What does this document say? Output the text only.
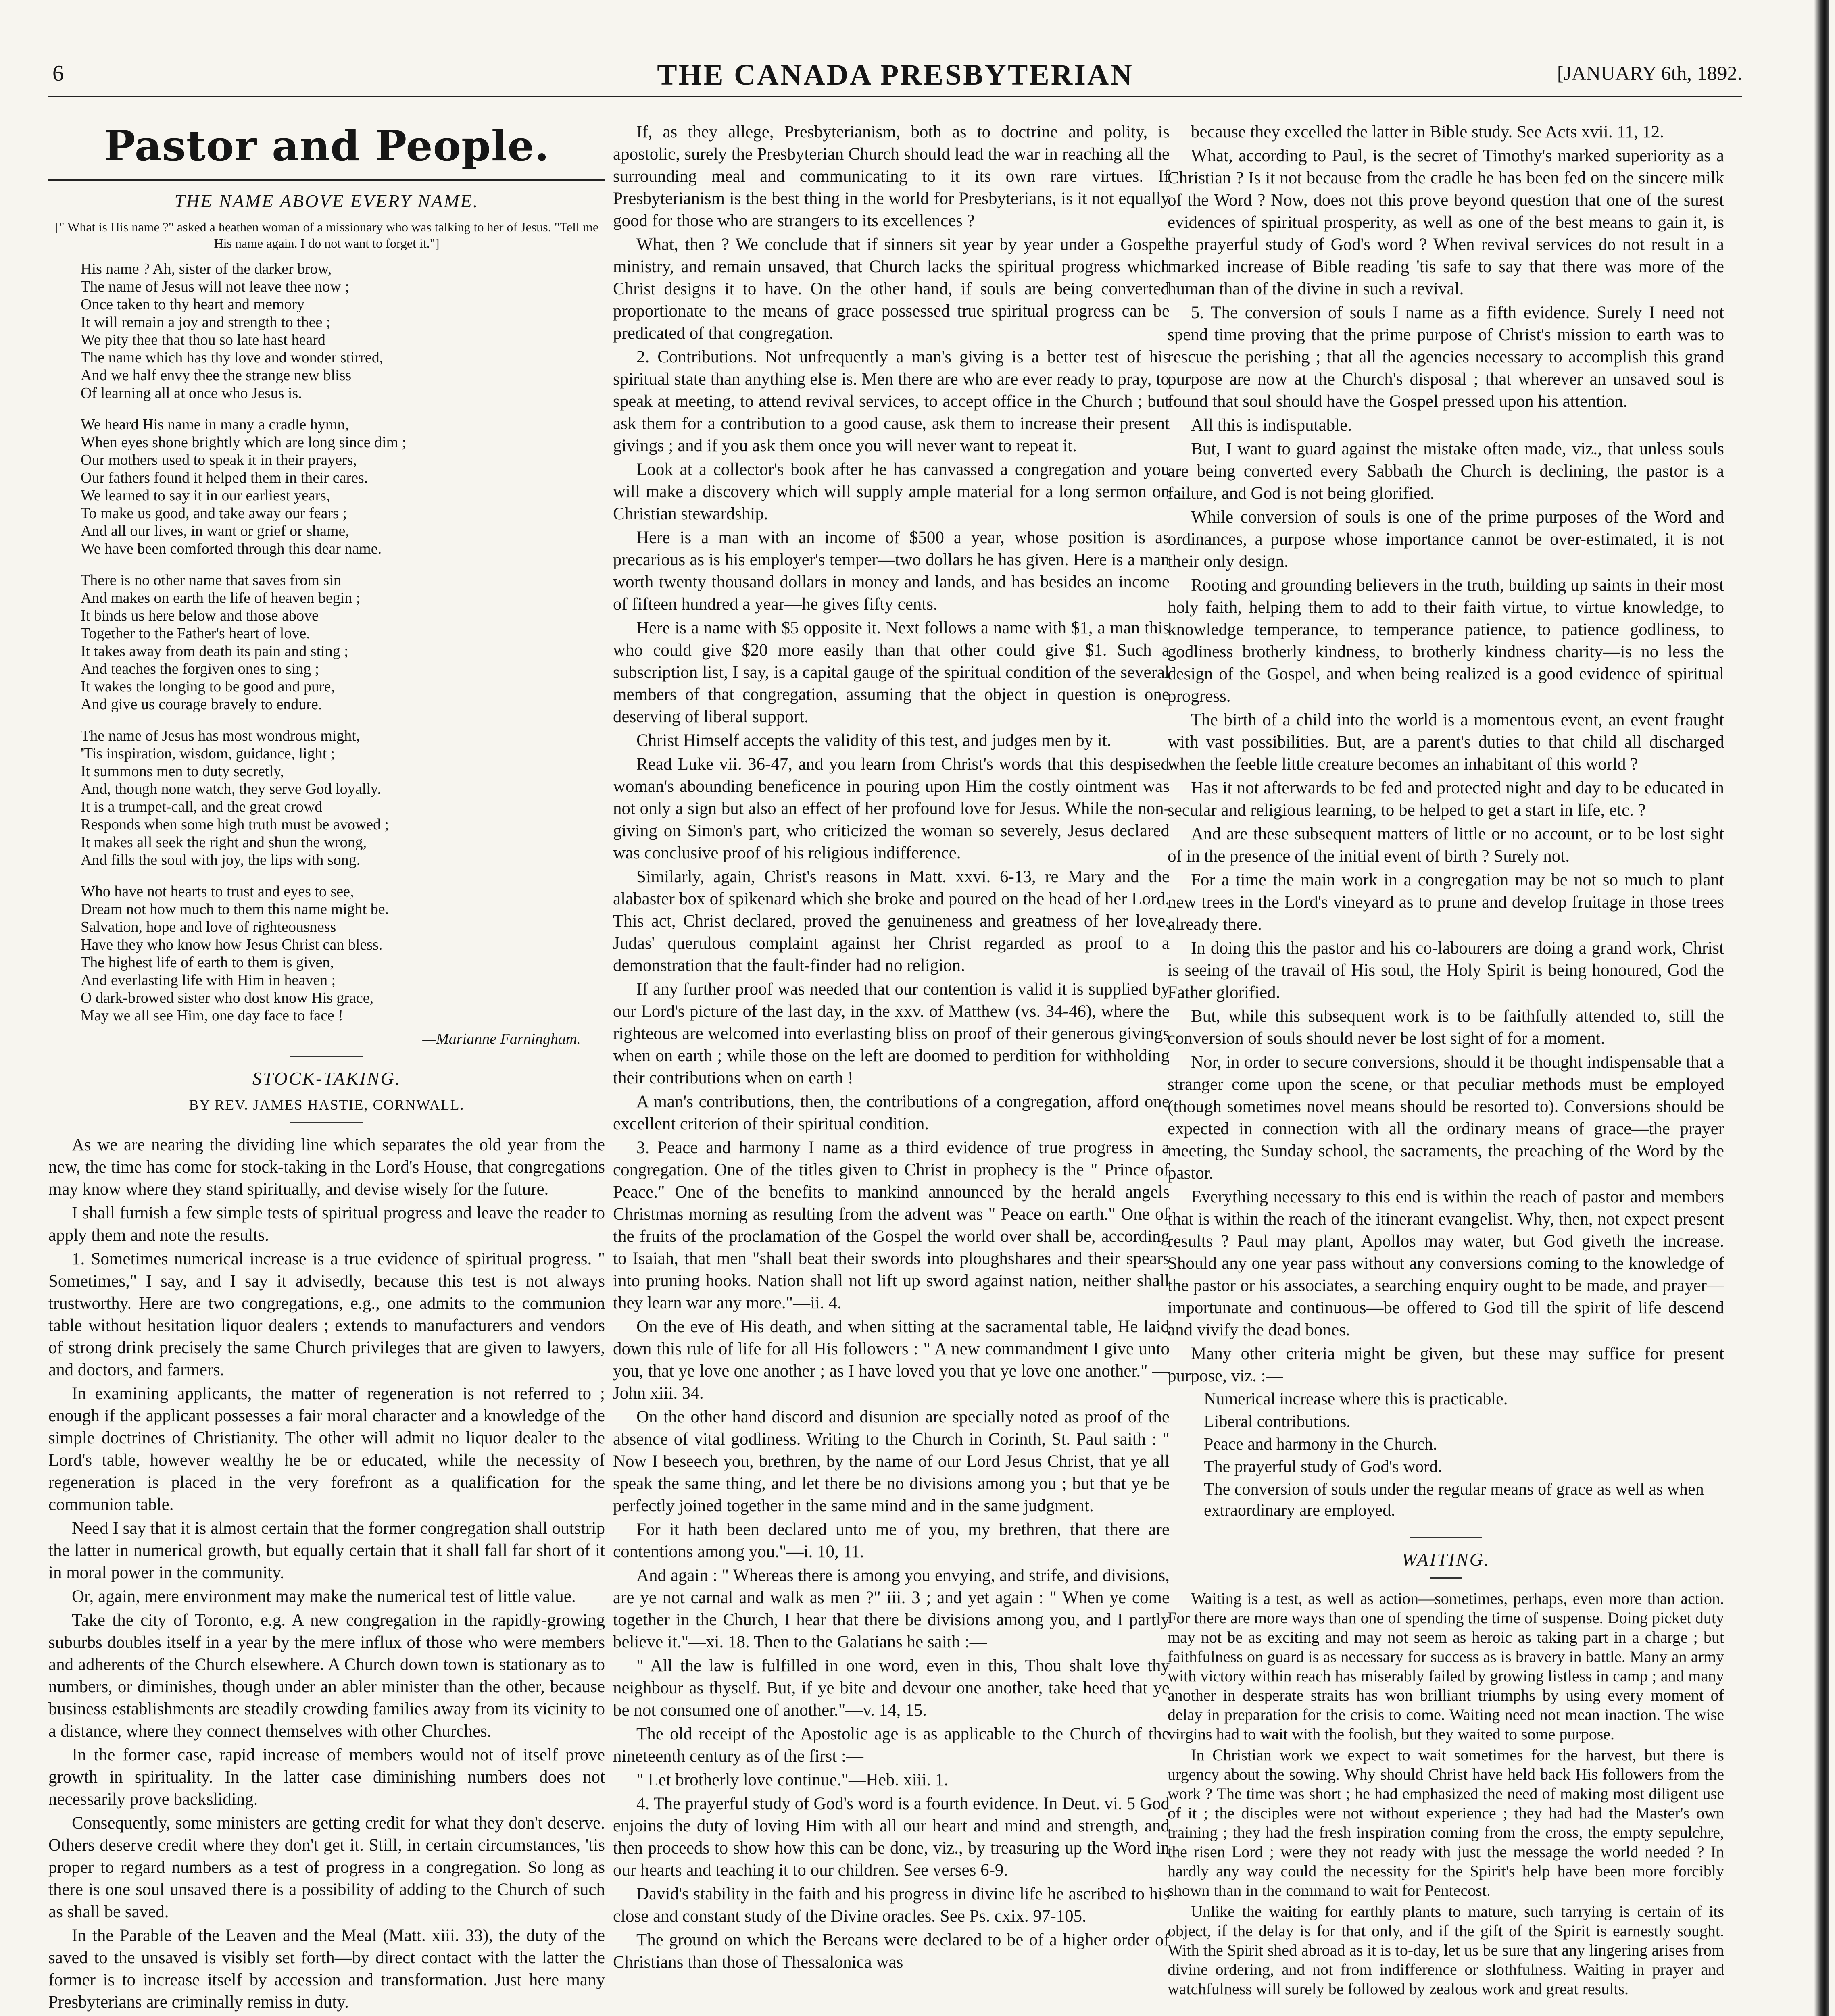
6	THE CANADA PRESBYTERIAN	[JANUARY 6th, 1892.
Pastor and People.
THE NAME ABOVE EVERY NAME.
[" What is His name ?" asked a heathen woman of a missionary who was talking to her of Jesus. "Tell me His name again. I do not want to forget it."]
His name ? Ah, sister of the darker brow,
The name of Jesus will not leave thee now ;
Once taken to thy heart and memory
It will remain a joy and strength to thee ;
We pity thee that thou so late hast heard
The name which has thy love and wonder stirred,
And we half envy thee the strange new bliss
Of learning all at once who Jesus is.
We heard His name in many a cradle hymn,
When eyes shone brightly which are long since dim ;
Our mothers used to speak it in their prayers,
Our fathers found it helped them in their cares.
We learned to say it in our earliest years,
To make us good, and take away our fears ;
And all our lives, in want or grief or shame,
We have been comforted through this dear name.
There is no other name that saves from sin
And makes on earth the life of heaven begin ;
It binds us here below and those above
Together to the Father's heart of love.
It takes away from death its pain and sting ;
And teaches the forgiven ones to sing ;
It wakes the longing to be good and pure,
And give us courage bravely to endure.
The name of Jesus has most wondrous might,
'Tis inspiration, wisdom, guidance, light ;
It summons men to duty secretly,
And, though none watch, they serve God loyally.
It is a trumpet-call, and the great crowd
Responds when some high truth must be avowed ;
It makes all seek the right and shun the wrong,
And fills the soul with joy, the lips with song.
Who have not hearts to trust and eyes to see,
Dream not how much to them this name might be.
Salvation, hope and love of righteousness
Have they who know how Jesus Christ can bless.
The highest life of earth to them is given,
And everlasting life with Him in heaven ;
O dark-browed sister who dost know His grace,
May we all see Him, one day face to face !
—Marianne Farningham.
STOCK-TAKING.
BY REV. JAMES HASTIE, CORNWALL.

As we are nearing the dividing line which separates the old year from the new, the time has come for stock-taking in the Lord's House, that congregations may know where they stand spiritually, and devise wisely for the future.

I shall furnish a few simple tests of spiritual progress and leave the reader to apply them and note the results.

1. Sometimes numerical increase is a true evidence of spiritual progress. " Sometimes," I say, and I say it advisedly, because this test is not always trustworthy. Here are two congregations, e.g., one admits to the communion table without hesitation liquor dealers ; extends to manufacturers and vendors of strong drink precisely the same Church privileges that are given to lawyers, and doctors, and farmers.

In examining applicants, the matter of regeneration is not referred to ; enough if the applicant possesses a fair moral character and a knowledge of the simple doctrines of Christianity. The other will admit no liquor dealer to the Lord's table, however wealthy he be or educated, while the necessity of regeneration is placed in the very forefront as a qualification for the communion table.

Need I say that it is almost certain that the former congregation shall outstrip the latter in numerical growth, but equally certain that it shall fall far short of it in moral power in the community.

Or, again, mere environment may make the numerical test of little value.

Take the city of Toronto, e.g. A new congregation in the rapidly-growing suburbs doubles itself in a year by the mere influx of those who were members and adherents of the Church elsewhere. A Church down town is stationary as to numbers, or diminishes, though under an abler minister than the other, because business establishments are steadily crowding families away from its vicinity to a distance, where they connect themselves with other Churches.

In the former case, rapid increase of members would not of itself prove growth in spirituality. In the latter case diminishing numbers does not necessarily prove backsliding.

Consequently, some ministers are getting credit for what they don't deserve. Others deserve credit where they don't get it. Still, in certain circumstances, 'tis proper to regard numbers as a test of progress in a congregation. So long as there is one soul unsaved there is a possibility of adding to the Church of such as shall be saved.

In the Parable of the Leaven and the Meal (Matt. xiii. 33), the duty of the saved to the unsaved is visibly set forth—by direct contact with the latter the former is to increase itself by accession and transformation. Just here many Presbyterians are criminally remiss in duty.

If, as they allege, Presbyterianism, both as to doctrine and polity, is apostolic, surely the Presbyterian Church should lead the war in reaching all the surrounding meal and communicating to it its own rare virtues. If Presbyterianism is the best thing in the world for Presbyterians, is it not equally good for those who are strangers to its excellences ?

What, then ? We conclude that if sinners sit year by year under a Gospel ministry, and remain unsaved, that Church lacks the spiritual progress which Christ designs it to have. On the other hand, if souls are being converted proportionate to the means of grace possessed true spiritual progress can be predicated of that congregation.

2. Contributions. Not unfrequently a man's giving is a better test of his spiritual state than anything else is. Men there are who are ever ready to pray, to speak at meeting, to attend revival services, to accept office in the Church ; but ask them for a contribution to a good cause, ask them to increase their present givings ; and if you ask them once you will never want to repeat it.

Look at a collector's book after he has canvassed a congregation and you will make a discovery which will supply ample material for a long sermon on Christian stewardship.

Here is a man with an income of $500 a year, whose position is as precarious as is his employer's temper—two dollars he has given. Here is a man worth twenty thousand dollars in money and lands, and has besides an income of fifteen hundred a year—he gives fifty cents.

Here is a name with $5 opposite it. Next follows a name with $1, a man this who could give $20 more easily than that other could give $1. Such a subscription list, I say, is a capital gauge of the spiritual condition of the several members of that congregation, assuming that the object in question is one deserving of liberal support.

Christ Himself accepts the validity of this test, and judges men by it.

Read Luke vii. 36-47, and you learn from Christ's words that this despised woman's abounding beneficence in pouring upon Him the costly ointment was not only a sign but also an effect of her profound love for Jesus. While the non-giving on Simon's part, who criticized the woman so severely, Jesus declared was conclusive proof of his religious indifference.

Similarly, again, Christ's reasons in Matt. xxvi. 6-13, re Mary and the alabaster box of spikenard which she broke and poured on the head of her Lord. This act, Christ declared, proved the genuineness and greatness of her love. Judas' querulous complaint against her Christ regarded as proof to a demonstration that the fault-finder had no religion.

If any further proof was needed that our contention is valid it is supplied by our Lord's picture of the last day, in the xxv. of Matthew (vs. 34-46), where the righteous are welcomed into everlasting bliss on proof of their generous givings when on earth ; while those on the left are doomed to perdition for withholding their contributions when on earth !

A man's contributions, then, the contributions of a congregation, afford one excellent criterion of their spiritual condition.

3. Peace and harmony I name as a third evidence of true progress in a congregation. One of the titles given to Christ in prophecy is the " Prince of Peace." One of the benefits to mankind announced by the herald angels Christmas morning as resulting from the advent was " Peace on earth." One of the fruits of the proclamation of the Gospel the world over shall be, according to Isaiah, that men "shall beat their swords into ploughshares and their spears into pruning hooks. Nation shall not lift up sword against nation, neither shall they learn war any more."—ii. 4.

On the eve of His death, and when sitting at the sacramental table, He laid down this rule of life for all His followers : " A new commandment I give unto you, that ye love one another ; as I have loved you that ye love one another." —John xiii. 34.

On the other hand discord and disunion are specially noted as proof of the absence of vital godliness. Writing to the Church in Corinth, St. Paul saith : " Now I beseech you, brethren, by the name of our Lord Jesus Christ, that ye all speak the same thing, and let there be no divisions among you ; but that ye be perfectly joined together in the same mind and in the same judgment.

For it hath been declared unto me of you, my brethren, that there are contentions among you."—i. 10, 11.

And again : " Whereas there is among you envying, and strife, and divisions, are ye not carnal and walk as men ?" iii. 3 ; and yet again : " When ye come together in the Church, I hear that there be divisions among you, and I partly believe it."—xi. 18. Then to the Galatians he saith :—

" All the law is fulfilled in one word, even in this, Thou shalt love thy neighbour as thyself. But, if ye bite and devour one another, take heed that ye be not consumed one of another."—v. 14, 15.

The old receipt of the Apostolic age is as applicable to the Church of the nineteenth century as of the first :—

" Let brotherly love continue."—Heb. xiii. 1.

4. The prayerful study of God's word is a fourth evidence. In Deut. vi. 5 God enjoins the duty of loving Him with all our heart and mind and strength, and then proceeds to show how this can be done, viz., by treasuring up the Word in our hearts and teaching it to our children. See verses 6-9.

David's stability in the faith and his progress in divine life he ascribed to his close and constant study of the Divine oracles. See Ps. cxix. 97-105.

The ground on which the Bereans were declared to be of a higher order of Christians than those of Thessalonica was

because they excelled the latter in Bible study. See Acts xvii. 11, 12.

What, according to Paul, is the secret of Timothy's marked superiority as a Christian ? Is it not because from the cradle he has been fed on the sincere milk of the Word ? Now, does not this prove beyond question that one of the surest evidences of spiritual prosperity, as well as one of the best means to gain it, is the prayerful study of God's word ? When revival services do not result in a marked increase of Bible reading 'tis safe to say that there was more of the human than of the divine in such a revival.

5. The conversion of souls I name as a fifth evidence. Surely I need not spend time proving that the prime purpose of Christ's mission to earth was to rescue the perishing ; that all the agencies necessary to accomplish this grand purpose are now at the Church's disposal ; that wherever an unsaved soul is found that soul should have the Gospel pressed upon his attention.

All this is indisputable.

But, I want to guard against the mistake often made, viz., that unless souls are being converted every Sabbath the Church is declining, the pastor is a failure, and God is not being glorified.

While conversion of souls is one of the prime purposes of the Word and ordinances, a purpose whose importance cannot be over-estimated, it is not their only design.

Rooting and grounding believers in the truth, building up saints in their most holy faith, helping them to add to their faith virtue, to virtue knowledge, to knowledge temperance, to temperance patience, to patience godliness, to godliness brotherly kindness, to brotherly kindness charity—is no less the design of the Gospel, and when being realized is a good evidence of spiritual progress.

The birth of a child into the world is a momentous event, an event fraught with vast possibilities. But, are a parent's duties to that child all discharged when the feeble little creature becomes an inhabitant of this world ?

Has it not afterwards to be fed and protected night and day to be educated in secular and religious learning, to be helped to get a start in life, etc. ?

And are these subsequent matters of little or no account, or to be lost sight of in the presence of the initial event of birth ? Surely not.

For a time the main work in a congregation may be not so much to plant new trees in the Lord's vineyard as to prune and develop fruitage in those trees already there.

In doing this the pastor and his co-labourers are doing a grand work, Christ is seeing of the travail of His soul, the Holy Spirit is being honoured, God the Father glorified.

But, while this subsequent work is to be faithfully attended to, still the conversion of souls should never be lost sight of for a moment.

Nor, in order to secure conversions, should it be thought indispensable that a stranger come upon the scene, or that peculiar methods must be employed (though sometimes novel means should be resorted to). Conversions should be expected in connection with all the ordinary means of grace—the prayer meeting, the Sunday school, the sacraments, the preaching of the Word by the pastor.

Everything necessary to this end is within the reach of pastor and members that is within the reach of the itinerant evangelist. Why, then, not expect present results ? Paul may plant, Apollos may water, but God giveth the increase. Should any one year pass without any conversions coming to the knowledge of the pastor or his associates, a searching enquiry ought to be made, and prayer—importunate and continuous—be offered to God till the spirit of life descend and vivify the dead bones.

Many other criteria might be given, but these may suffice for present purpose, viz. :—

Numerical increase where this is practicable.
Liberal contributions.
Peace and harmony in the Church.
The prayerful study of God's word.
The conversion of souls under the regular means of grace as well as when extraordinary are employed.
WAITING.

Waiting is a test, as well as action—sometimes, perhaps, even more than action. For there are more ways than one of spending the time of suspense. Doing picket duty may not be as exciting and may not seem as heroic as taking part in a charge ; but faithfulness on guard is as necessary for success as is bravery in battle. Many an army with victory within reach has miserably failed by growing listless in camp ; and many another in desperate straits has won brilliant triumphs by using every moment of delay in preparation for the crisis to come. Waiting need not mean inaction. The wise virgins had to wait with the foolish, but they waited to some purpose.

In Christian work we expect to wait sometimes for the harvest, but there is urgency about the sowing. Why should Christ have held back His followers from the work ? The time was short ; he had emphasized the need of making most diligent use of it ; the disciples were not without experience ; they had had the Master's own training ; they had the fresh inspiration coming from the cross, the empty sepulchre, the risen Lord ; were they not ready with just the message the world needed ? In hardly any way could the necessity for the Spirit's help have been more forcibly shown than in the command to wait for Pentecost.

Unlike the waiting for earthly plants to mature, such tarrying is certain of its object, if the delay is for that only, and if the gift of the Spirit is earnestly sought. With the Spirit shed abroad as it is to-day, let us be sure that any lingering arises from divine ordering, and not from indifference or slothfulness. Waiting in prayer and watchfulness will surely be followed by zealous work and great results.
